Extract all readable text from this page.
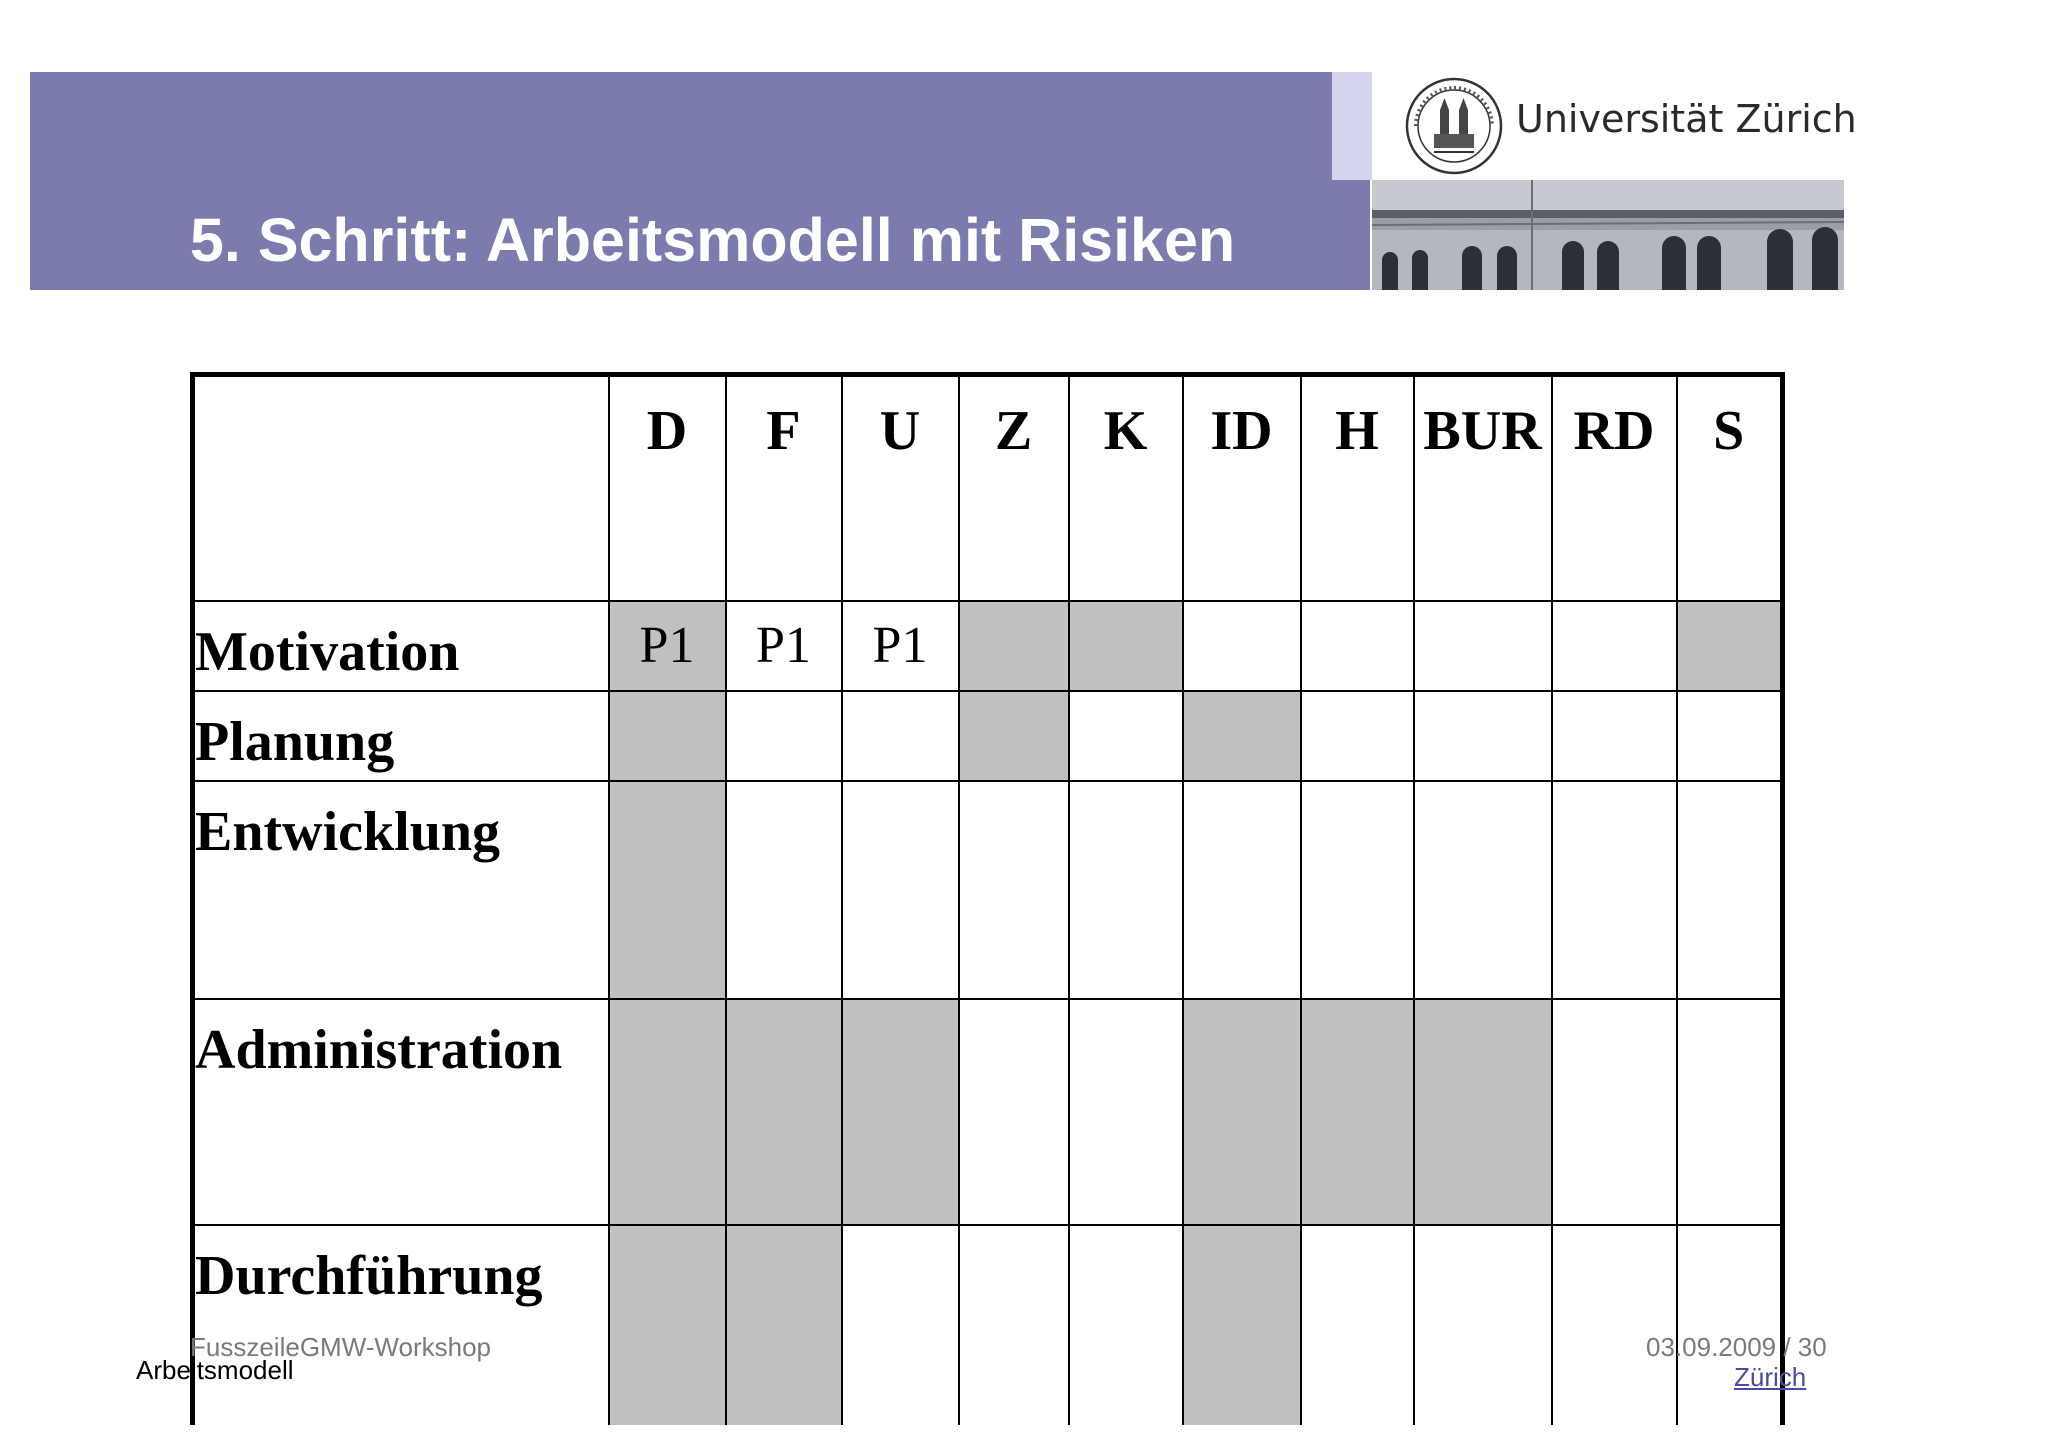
5. Schritt: Arbeitsmodell mit Risiken
Universität Zürich
	D	F	U	Z	K	ID	H	BUR	RD	S
Motivation	P1	P1	P1							
Planung										
Entwicklung										
Administration										
Durchführung										
FusszeileGMW-Workshop
Arbeitsmodell
03.09.2009 / 30
Zürich
